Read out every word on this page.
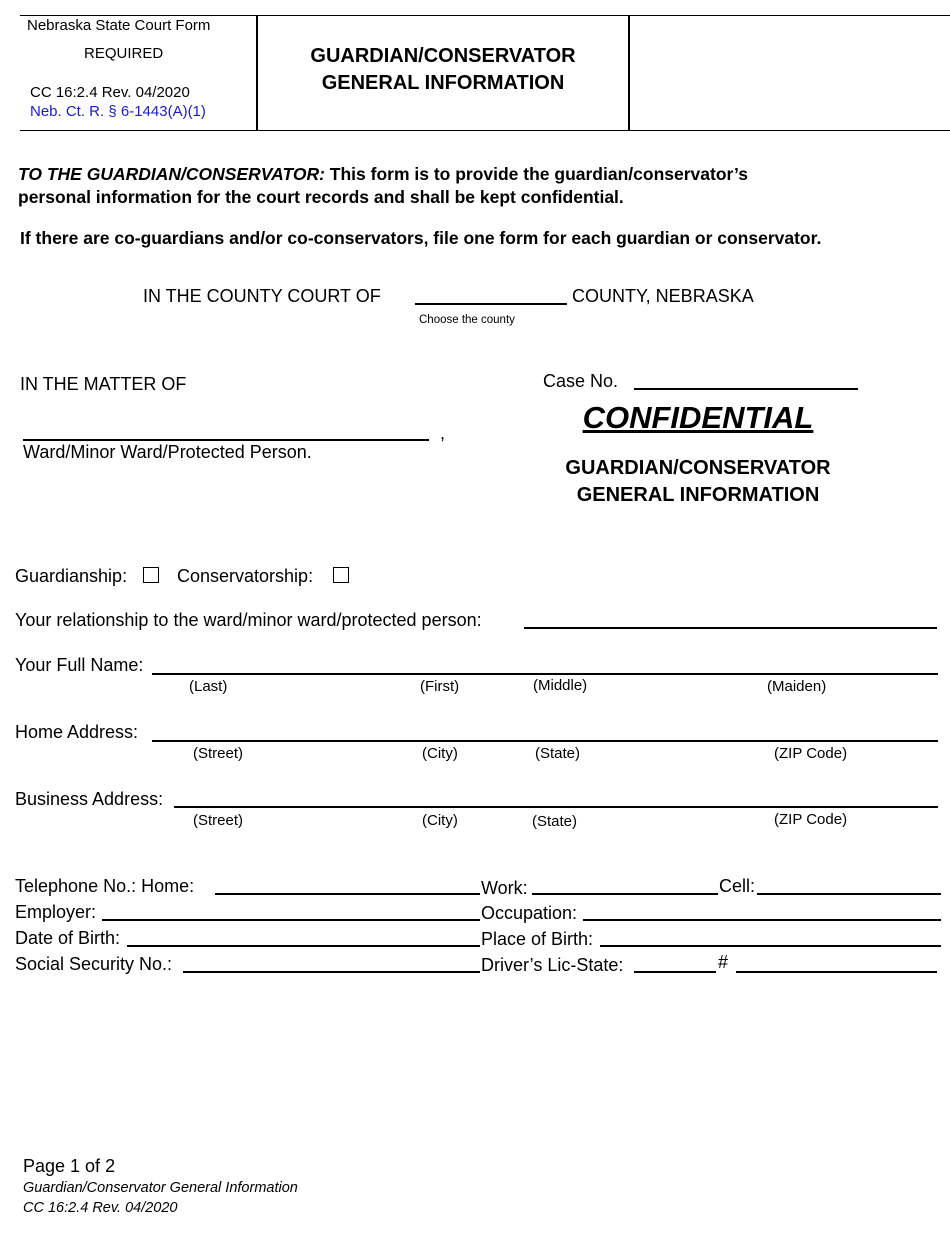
Nebraska State Court Form
REQUIRED
CC 16:2.4 Rev. 04/2020
Neb. Ct. R. § 6-1443(A)(1)
GUARDIAN/CONSERVATOR
GENERAL INFORMATION
TO THE GUARDIAN/CONSERVATOR: This form is to provide the guardian/conservator’s
personal information for the court records and shall be kept confidential.
If there are co-guardians and/or co-conservators, file one form for each guardian or conservator.
IN THE COUNTY COURT OF	COUNTY, NEBRASKA
Choose the county
IN THE MATTER OF
,
Ward/Minor Ward/Protected Person.
Case No.
CONFIDENTIAL
GUARDIAN/CONSERVATOR
GENERAL INFORMATION
Guardianship:	Conservatorship:
Your relationship to the ward/minor ward/protected person:
Your Full Name:
(Last)	(First)	(Middle)	(Maiden)
Home Address:
(Street)	(City)	(State)	(ZIP Code)
Business Address:
(Street)	(City)	(State)	(ZIP Code)
Telephone No.: Home:	Work:	Cell:
Employer:	Occupation:
Date of Birth:	Place of Birth:
Social Security No.:	Driver’s Lic-State:	#
Page 1 of 2
Guardian/Conservator General Information
CC 16:2.4 Rev. 04/2020
